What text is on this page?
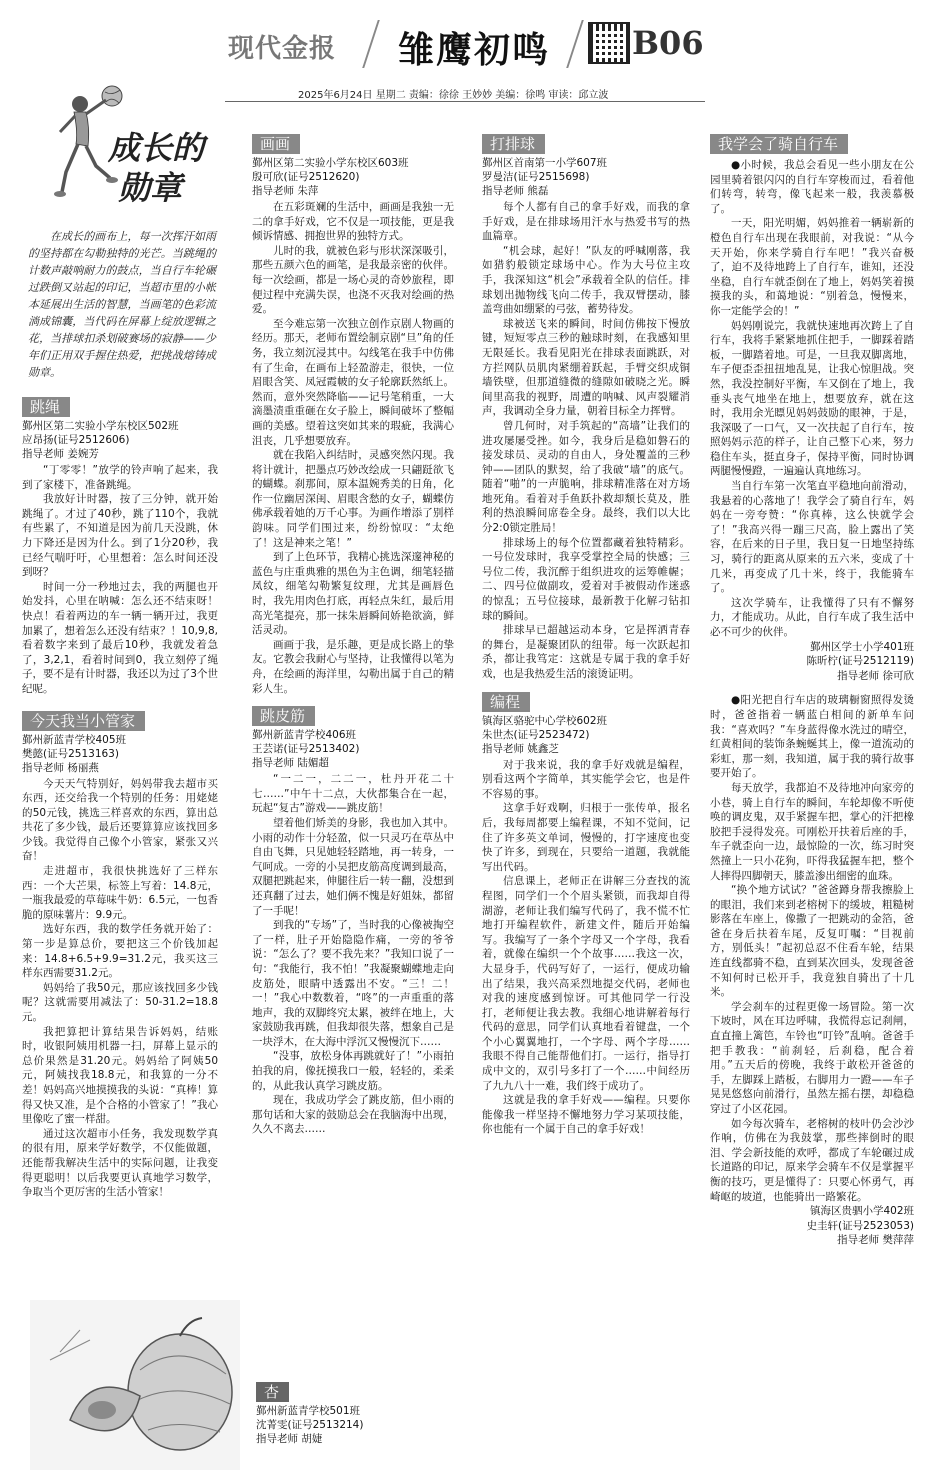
现代金报 雏鹰初鸣	B06
2025年6月24日 星期二 责编：徐徐 王妙妙 美编：徐鸣 审读：邱立波
成长的
勋章
在成长的画布上，每一次挥汗如雨的坚持都在勾勒独特的光芒。当跳绳的计数声敲响耐力的鼓点，当自行车轮碾过跌倒又站起的印记，当超市里的小帐本延展出生活的智慧，当画笔的色彩流淌成锦囊，当代码在屏幕上绽放逻辑之花，当排球扣杀划破赛场的寂静——少年们正用双手握住热爱，把挑战熔铸成勋章。
跳绳
鄞州区第二实验小学东校区502班
应昂扬(证号2512606)
指导老师 姜婉芳

“丁零零！”放学的铃声响了起来，我到了家楼下，准备跳绳。

我放好计时器，按了三分钟，就开始跳绳了。才过了40秒，跳了110个，我就有些累了，不知道是因为前几天没跳，休力下降还是因为什么。到了1分20秒，我已经气喘吁吁，心里想着：怎么时间还没到呀？

时间一分一秒地过去，我的两腿也开始发抖，心里在呐喊：怎么还不结束呀！快点！看着两边的车一辆一辆开过，我更加累了，想着怎么还没有结束？！10,9,8,看着数字来到了最后10秒，我就发着急了，3,2,1，看着时间到0，我立刻停了绳子，要不是有计时器，我还以为过了3个世纪呢。

今天我当小管家
鄞州新蓝青学校405班
樊懿(证号2513163)
指导老师 杨丽燕

今天天气特别好，妈妈带我去超市买东西，还交给我一个特别的任务：用姥姥的50元钱，挑选三样喜欢的东西，算出总共花了多少钱，最后还要算算应该找回多少钱。我觉得自己像个小管家，紧张又兴奋！

走进超市，我很快挑选好了三样东西：一个大芒果，标签上写着：14.8元，一瓶我最爱的草莓味牛奶：6.5元，一包香脆的原味薯片：9.9元。

选好东西，我的数学任务就开始了：第一步是算总价，要把这三个价钱加起来：14.8+6.5+9.9=31.2元，我买这三样东西需要31.2元。

妈妈给了我50元，那应该找回多少钱呢？这就需要用减法了：50-31.2=18.8元。

我把算把计算结果告诉妈妈，结账时，收银阿姨用机器一扫，屏幕上显示的总价果然是31.20元。妈妈给了阿姨50元，阿姨找我18.8元，和我算的一分不差！妈妈高兴地摸摸我的头说：“真棒！算得又快又准，是个合格的小管家了！”我心里像吃了蜜一样甜。

通过这次超市小任务，我发现数学真的很有用，原来学好数学，不仅能做题，还能帮我解决生活中的实际问题，让我变得更聪明！以后我要更认真地学习数学，争取当个更厉害的生活小管家！

画画
鄞州区第二实验小学东校区603班
殷可欣(证号2512620)
指导老师 朱萍

在五彩斑斓的生活中，画画是我独一无二的拿手好戏，它不仅是一项技能，更是我倾诉情感、拥抱世界的独特方式。

儿时的我，就被色彩与形状深深吸引，那些五颜六色的画笔，是我最亲密的伙伴。每一次绘画，都是一场心灵的奇妙旅程，即便过程中充满失误，也浇不灭我对绘画的热爱。

至今难忘第一次独立创作京剧人物画的经历。那天，老师布置绘制京剧“旦”角的任务，我立刻沉浸其中。勾线笔在我手中仿佛有了生命，在画布上轻盈游走，很快，一位眉眼含笑、凤冠霞帔的女子轮廓跃然纸上。然而，意外突然降临——记号笔稍重，一大滴墨渍重重砸在女子脸上，瞬间破坏了整幅画的美感。望着这突如其来的瑕疵，我满心沮丧，几乎想要放弃。

就在我陷入纠结时，灵感突然闪现。我将计就计，把墨点巧妙改绘成一只翩跹欲飞的蝴蝶。刹那间，原本温婉秀美的日角，化作一位幽居深闺、眉眼含愁的女子，蝴蝶仿佛承载着她的万千心事。为画作增添了别样韵味。同学们围过来，纷纷惊叹：“太绝了！这是神来之笔！”

到了上色环节，我精心挑选深邃神秘的蓝色与庄重典雅的黑色为主色调，细笔轻描凤纹，细笔勾勒繁复纹理，尤其是画唇色时，我先用肉色打底，再轻点朱红，最后用高光笔提亮，那一抹朱唇瞬间娇艳欲滴，鲜活灵动。

画画于我，是乐趣，更是成长路上的挚友。它教会我耐心与坚持，让我懂得以笔为舟，在绘画的海洋里，勾勒出属于自己的精彩人生。

跳皮筋
鄞州新蓝青学校406班
王芸诺(证号2513402)
指导老师 陆媚超

“一二一，二二一，杜丹开花二十七……”中午十二点，大伙都集合在一起，玩起“复古”游戏——跳皮筋！

望着他们矫美的身影，我也加入其中。小雨的动作十分轻盈，似一只灵巧在草丛中自由飞舞，只见她轻轻踏地，再一转身，一气呵成。一旁的小吴把皮筋高度调到最高，双腿把跳起来，伸腿往后一转一翻，没想到还真翻了过去，她们俩不愧是好姐妹，都留了一手呢！

到我的“专场”了，当时我的心像被掏空了一样，肚子开始隐隐作痛，一旁的爷爷说：“怎么了？要不我先来？”我知口说了一句：“我能行，我不怕！”我凝聚蝴蝶地走向皮筋处，眼睛中透露出不安。“三！二！一！”我心中数数着，“咚”的一声重重的落地声，我的双脚终究太累，被绊在地上，大家鼓励我再跳，但我却很失落，想象自己是一块浮木，在大海中浮沉又慢慢沉下……

“没事，放松身体再跳就好了！”小雨拍拍我的肩，像抚摸我口一般，轻轻的，柔柔的，从此我认真学习跳皮筋。

现在，我成功学会了跳皮筋，但小雨的那句话和大家的鼓励总会在我脑海中出现，久久不离去……

杏
鄞州新蓝青学校501班
沈菁雯(证号2513214)
指导老师 胡婕
打排球
鄞州区首南第一小学607班
罗曼洁(证号2515698)
指导老师 熊磊

每个人都有自己的拿手好戏，而我的拿手好戏，是在排球场用汗水与热爱书写的热血篇章。

“机会球，起好！”队友的呼喊刚落，我如猎豹般锁定球场中心。作为大号位主攻手，我深知这“机会”承载着全队的信任。排球划出抛物线飞向二传手，我双臂摆动，膝盖弯曲如绷紧的弓弦，蓄势待发。

球被送飞来的瞬间，时间仿佛按下慢放键，短短零点三秒的触球时刻，在我感知里无限延长。我看见阳光在排球表面跳跃，对方拦网队员肌肉紧绷着跃起，手臂交织成铜墙铁壁，但那道缝微的缝隙如破晓之光。瞬间里高我的视野，周遭的呐喊、风声裂耀消声，我调动全身力量，朝着目标全力挥臂。

曾几何时，对手筑起的“高墙”让我们的进攻屡屡受挫。如今，我身后是稳如磐石的接发球员、灵动的自由人，身处覆盖的三秒钟——团队的默契，给了我破“墙”的底气。随着“啪”的一声脆响，排球精准落在对方场地死角。看着对手鱼跃扑救却颓长莫及，胜利的热浪瞬间席卷全身。最终，我们以大比分2:0锁定胜局！

排球场上的每个位置都藏着独特精彩。一号位发球时，我享受掌控全局的快感；三号位二传，我沉醉于组织进攻的运筹帷幄；二、四号位做副攻，爱着对手被假动作迷惑的惊乱；五号位接球，最新教于化解刁钻扣球的瞬间。

排球早已超越运动本身，它是挥洒青春的舞台，是凝聚团队的纽带。每一次跃起扣杀，都让我笃定：这就是专属于我的拿手好戏，也是我热爱生活的滚烫证明。

编程
镇海区骆驼中心学校602班
朱世杰(证号2523472)
指导老师 姚鑫芝

对于我来说，我的拿手好戏就是编程，别看这两个字简单，其实能学会它，也是件不容易的事。

这拿手好戏啊，归根于一张传单，报名后，我每周都要上编程课，不知不觉间，记住了许多英文单词，慢慢的，打字速度也变快了许多，到现在，只要给一道题，我就能写出代码。

信息课上，老师正在讲解三分查找的流程图，同学们一个个眉头紧锁，而我却自得湖游，老师让我们编写代码了，我不慌不忙地打开编程软件，新建文件，随后开始编写。我编写了一条个字母又一个字母，我看着，就像在编织一个个故事……我这一次，大显身手，代码写好了，一运行，便成功输出了结果，我兴高采烈地提交代码，老师也对我的速度感到惊讶。可其他同学一行没打，老师便让我去教。我细心地讲解着每行代码的意思，同学们认真地看着键盘，一个个小心翼翼地打，一个字母、两个字母……我眼不得自己能帮他们打。一运行，指导打成中文的，双引号多打了一个……中间经历了九九八十一难，我们终于成功了。

这就是我的拿手好戏——编程。只要你能像我一样坚持不懈地努力学习某项技能，你也能有一个属于自己的拿手好戏！

我学会了骑自行车

●小时候，我总会看见一些小朋友在公园里骑着银闪闪的自行车穿梭而过，看着他们转弯，转弯，像飞起来一般，我羡慕极了。

一天，阳光明媚，妈妈推着一辆崭新的橙色自行车出现在我眼前，对我说：“从今天开始，你来学骑自行车吧！”我兴奋极了，迫不及待地跨上了自行车，谁知，还没坐稳，自行车就歪倒在了地上，妈妈笑着摸摸我的头，和蔼地说：“别着急，慢慢来，你一定能学会的！”

妈妈刚说完，我就快速地再次跨上了自行车，我将手紧紧地抓住把手，一脚踩着踏板，一脚踏着地。可是，一旦我双脚离地，车子便歪歪扭扭地乱晃，让我心惊胆战。突然，我没控制好平衡，车又倒在了地上，我垂头丧气地坐在地上，想要放弃，就在这时，我用余光瞟见妈妈鼓励的眼神，于是，我深吸了一口气，又一次扶起了自行车，按照妈妈示范的样子，让自己整下心来，努力稳住车头，挺直身子，保持平衡，同时协调两腿慢慢蹬，一遍遍认真地练习。

当自行车第一次笔直平稳地向前滑动，我悬着的心落地了！我学会了骑自行车，妈妈在一旁夸赞：“你真棒，这么快就学会了！”我高兴得一蹦三尺高，脸上露出了笑容，在后来的日子里，我日复一日地坚持练习，骑行的距离从原来的五六米，变成了十几米，再变成了几十米，终于，我能骑车了。

这次学骑车，让我懂得了只有不懈努力，才能成功。从此，自行车成了我生活中必不可少的伙伴。

鄞州区学士小学401班
陈昕柠(证号2512119)
指导老师 徐可欣

●阳光把自行车店的玻璃橱窗照得发烫时，爸爸指着一辆蓝白相间的新单车问我：“喜欢吗？”车身蓝得像水洗过的晴空，红黄相间的装饰条蜿蜒其上，像一道流动的彩虹，那一刻，我知道，属于我的骑行故事要开始了。

每天放学，我都迫不及待地冲向家旁的小巷，骑上自行车的瞬间，车轮却像不听使唤的调皮鬼，双手紧握车把，掌心的汗把橡胶把手浸得发亮。可刚松开扶着后座的手，车子就歪向一边，最惊险的一次，练习时突然撞上一只小花狗，吓得我猛握车把，整个人摔得四脚朝天，膝盖渗出细密的血珠。

“换个地方试试？”爸爸蹲身帮我擦脸上的眼泪，我们来到老榕树下的缓坡，粗糙树影落在车座上，像撒了一把跳动的金箔，爸爸在身后扶着车尾，反复叮嘱：“目视前方，别低头！”起初总忍不住看车轮，结果连直线都骑不稳，直到某次回头，发现爸爸不知何时已松开手，我竟独自骑出了十几米。

学会刹车的过程更像一场冒险。第一次下坡时，风在耳边呼啸，我慌得忘记刹闸，直直撞上篱笆，车铃也“叮铃”乱响。爸爸手把手教我：“前刹轻，后刹稳，配合着用。”五天后的傍晚，我终于敢松开爸爸的手，左脚踩上踏板，右脚用力一蹬——车子晃晃悠悠向前滑行，虽然左摇右摆，却稳稳穿过了小区花园。

如今每次骑车，老榕树的枝叶仍会沙沙作响，仿佛在为我鼓掌，那些摔倒时的眼泪、学会新技能的欢呼，都成了车轮碾过成长道路的印记，原来学会骑车不仅是掌握平衡的技巧，更是懂得了：只要心怀勇气，再崎岖的坡道，也能骑出一路繁花。

镇海区贵驷小学402班
史圭轩(证号2523053)
指导老师 樊萍萍
